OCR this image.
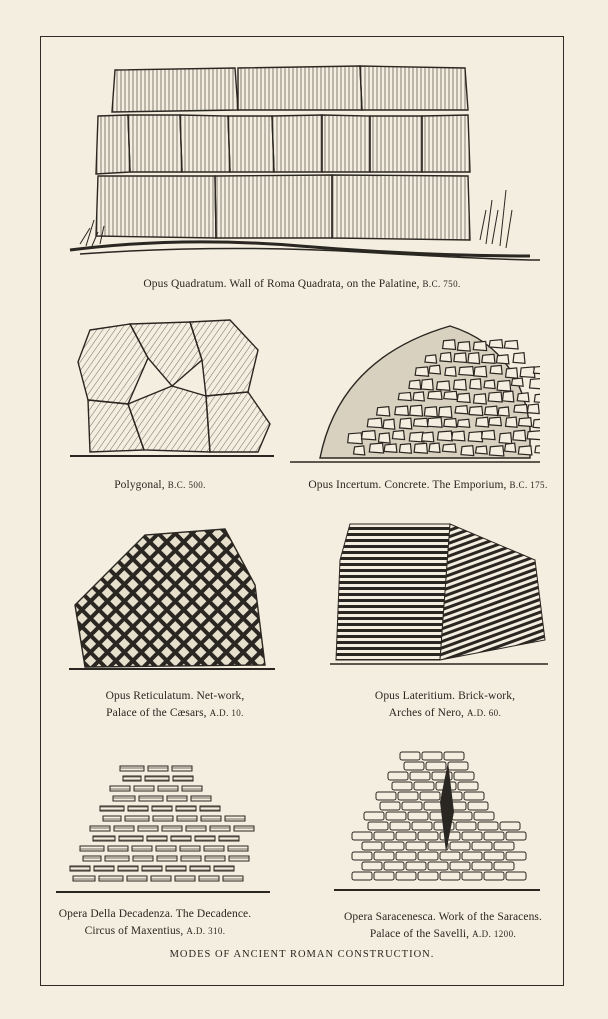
Opus Quadratum. Wall of Roma Quadrata, on the Palatine, B.C. 750.
Polygonal, B.C. 500.	Opus Incertum. Concrete. The Emporium, B.C. 175.
Opus Reticulatum. Net-work,
Palace of the Cæsars, A.D. 10.
Opus Lateritium. Brick-work,
Arches of Nero, A.D. 60.
Opera Della Decadenza. The Decadence.
Circus of Maxentius, A.D. 310.
Opera Saracenesca. Work of the Saracens.
Palace of the Savelli, A.D. 1200.
MODES OF ANCIENT ROMAN CONSTRUCTION.
